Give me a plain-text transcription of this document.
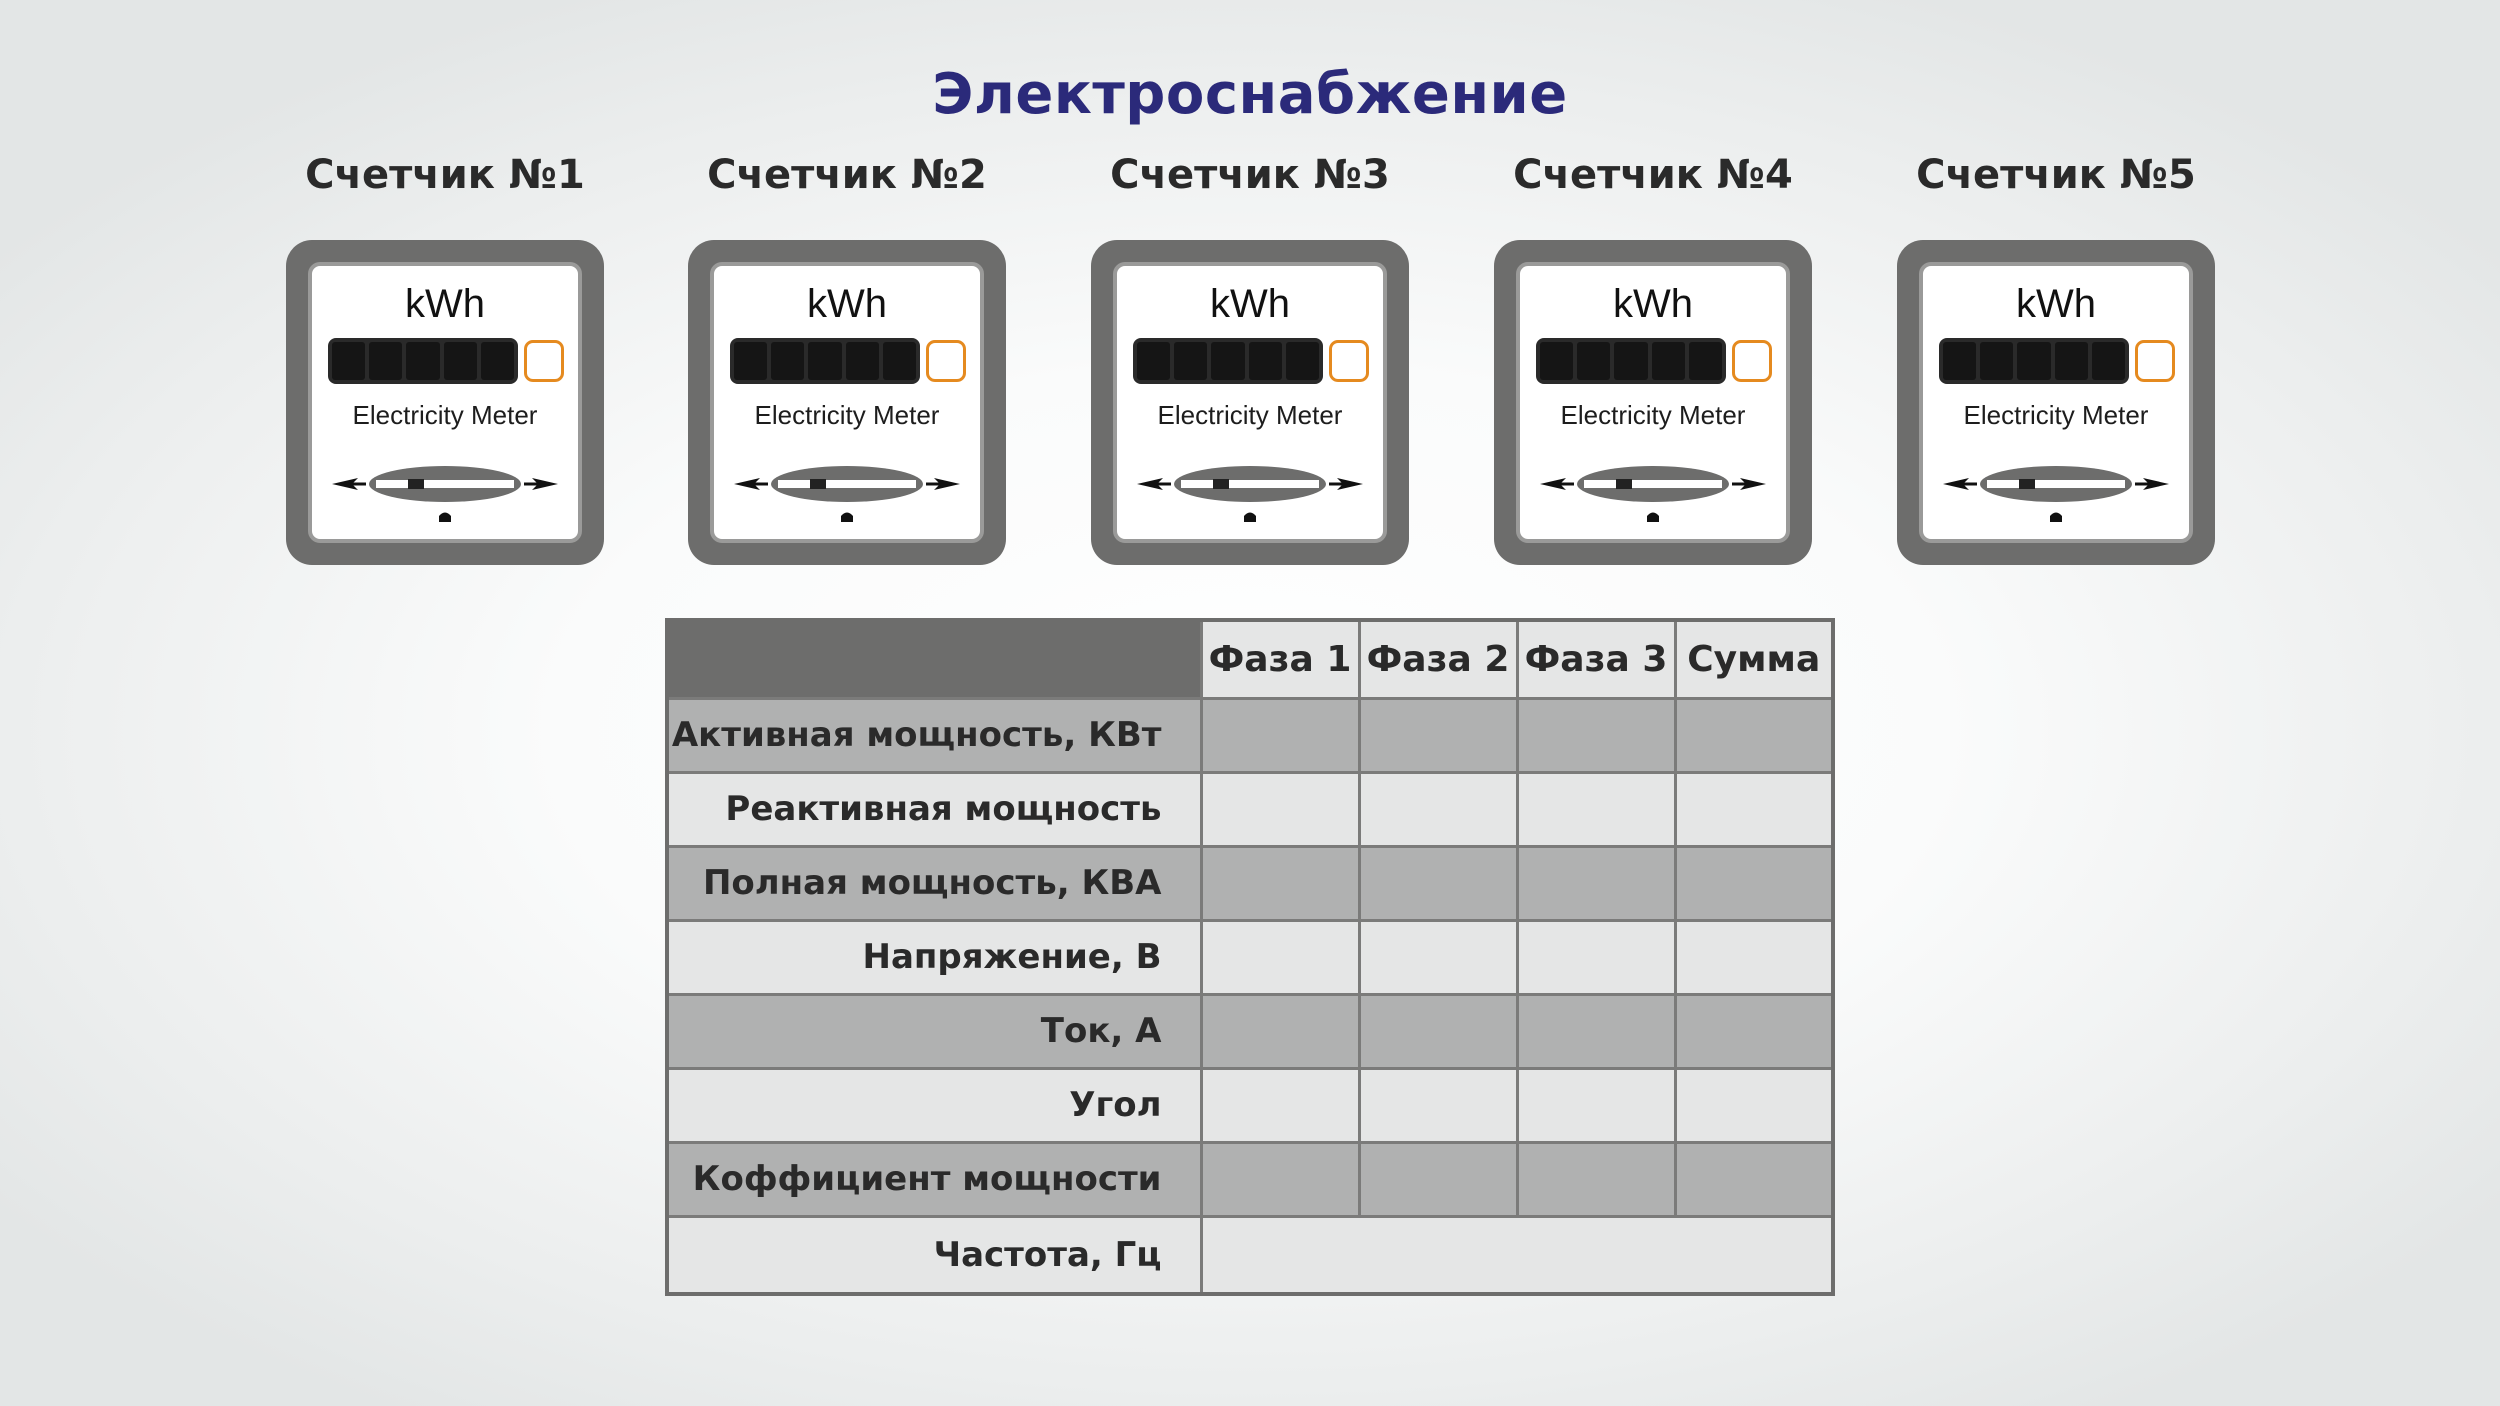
Электроснабжение
Счетчик №1
kWh
Electricity Meter
Счетчик №2
kWh
Electricity Meter
Счетчик №3
kWh
Electricity Meter
Счетчик №4
kWh
Electricity Meter
Счетчик №5
kWh
Electricity Meter
	Фаза 1	Фаза 2	Фаза 3	Сумма
Активная мощность, КВт				
Реактивная мощность				
Полная мощность, КВА				
Напряжение, В				
Ток, А				
Угол				
Коффициент мощности				
Частота, Гц				
